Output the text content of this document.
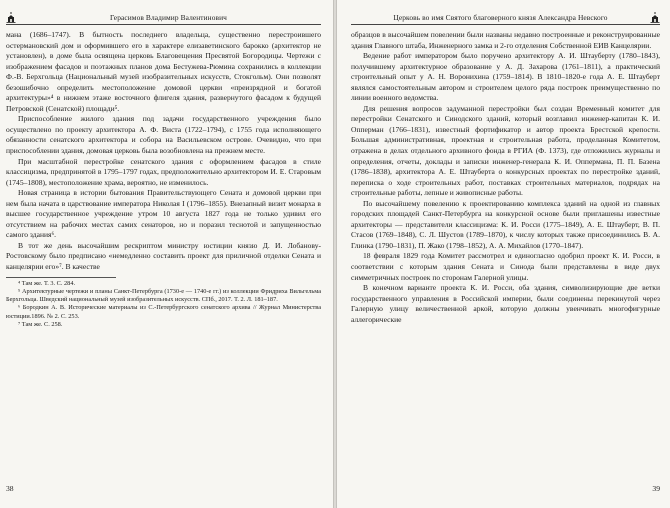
Герасимов Владимир Валентинович

мана (1686–1747). В бытность последнего владельца, существенно перестроившего остермановский дом и оформившего его в характере елизаветинского барокко (архитектор не установлен), в доме была освящена церковь Благовещения Пресвятой Богородицы. Чертежи с изображением фасадов и поэтажных планов дома Бестужева-Рюмина сохранились в коллекции Ф.-В. Берхгольца (Национальный музей изобразительных искусств, Стокгольм). Они позволят безошибочно определить местоположение домовой церкви «преизрядной и богатой архитектуры»⁴ в нижнем этаже восточного флигеля здания, развернутого фасадом к будущей Петровской (Сенатской) площади⁵.

Приспособление жилого здания под задачи государственного учреждения было осуществлено по проекту архитектора А. Ф. Виста (1722–1794), с 1755 года исполняющего обязанности сенатского архитектора и собора на Васильевском острове. Очевидно, что при приспособлении здания, домовая церковь была возобновлена на прежнем месте.

При масштабной перестройке сенатского здания с оформлением фасадов в стиле классицизма, предпринятой в 1795–1797 годах, предположительно архитектором И. Е. Старовым (1745–1808), местоположение храма, вероятно, не изменилось.

Новая страница в истории бытования Правительствующего Сената и домовой церкви при нем была начата в царствование императора Николая I (1796–1855). Внезапный визит монарха в высшее государственное учреждение утром 10 августа 1827 года не только удивил его отсутствием на рабочих местах самих сенаторов, но и поразил теснотой и запущенностью самого здания⁶.

В тот же день высочайшим рескриптом министру юстиции князю Д. И. Лобанову-Ростовскому было предписано «немедленно составить проект для приличной отделки Сената и канцелярии его»⁷. В качестве

⁴ Там же. Т. 3. С. 284.

⁵ Архитектурные чертежи и планы Санкт-Петербурга (1730-е — 1740-е гг.) из коллекции Фридриха Вильгельма Берхгольца. Шведский национальный музей изобразительных искусств. СПб., 2017. Т. 2. Л. 181–187.

⁶ Бородкин А. В. Исторические материалы из С.-Петербургского сенатского архива // Журнал Министерства юстиции.1896. № 2. С. 253.

⁷ Там же. С. 258.

38
Церковь во имя Святого благоверного князя Александра Невского

образцов в высочайшем повелении были названы недавно построенные и реконструированные здания Главного штаба, Инженерного замка и 2-го отделения Собственной ЕИВ Канцелярии.

Ведение работ императором было поручено архитектору А. И. Штауберту (1780–1843), получившему архитектурное образование у А. Д. Захарова (1761–1811), а практический строительный опыт у А. Н. Воронихина (1759–1814). В 1810–1820-е года А. Е. Штауберт являлся самостоятельным автором и строителем целого ряда построек преимущественно по линии военного ведомства.

Для решения вопросов задуманной перестройки был создан Временный комитет для перестройки Сенатского и Синодского зданий, который возглавил инженер-капитан К. И. Опперман (1766–1831), известный фортификатор и автор проекта Брестской крепости. Большая административная, проектная и строительная работа, проделанная Комитетом, отражена в делах отдельного архивного фонда в РГИА (Ф. 1373), где отложились журналы и определения, отчеты, доклады и записки инженер-генерала К. И. Оппермана, П. П. Базена (1786–1838), архитектора А. Е. Штауберта о конкурсных проектах по перестройке зданий, переписка о ходе строительных работ, поставках строительных материалов, подрядах на строительные работы, лепные и живописные работы.

По высочайшему повелению к проектированию комплекса зданий на одной из главных городских площадей Санкт-Петербурга на конкурсной основе были приглашены известные архитекторы — представители классицизма: К. И. Росси (1775–1849), А. Е. Штауберт, В. П. Стасов (1769–1848), С. Л. Шустов (1789–1870), к числу которых также присоединились В. А. Глинка (1790–1831), П. Жако (1798–1852), А. А. Михайлов (1770–1847).

18 февраля 1829 года Комитет рассмотрел и единогласно одобрил проект К. И. Росси, в соответствии с которым здания Сената и Синода были представлены в виде двух симметричных построек по сторонам Галерной улицы.

В конечном варианте проекта К. И. Росси, оба здания, символизирующие две ветки государственного управления в Российской империи, были соединены перекинутой через Галерную улицу величественной аркой, которую должны увенчивать многофигурные аллегорические

39
